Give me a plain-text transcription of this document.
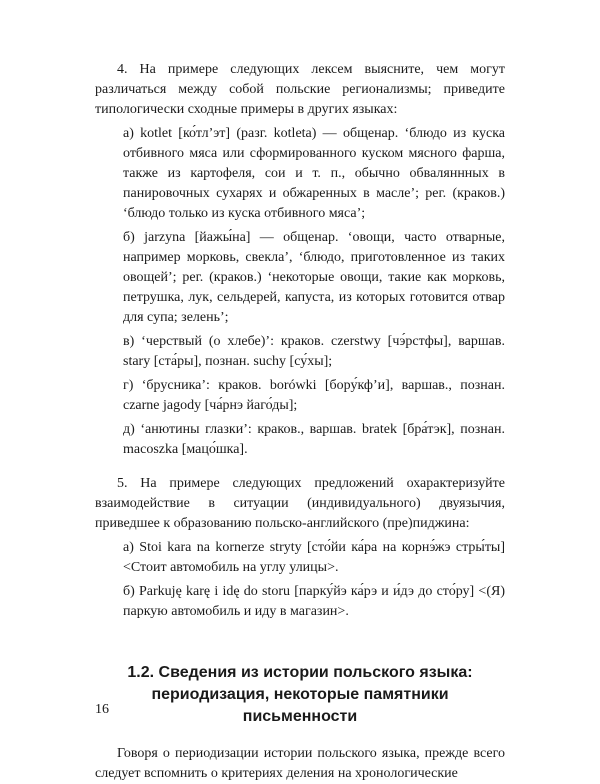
4. На примере следующих лексем выясните, чем могут различаться между собой польские регионализмы; приведите типологически сходные примеры в других языках:

а) kotlet [ко́тл’эт] (разг. kotleta) — общенар. ‘блюдо из куска отбивного мяса или сформированного куском мясного фарша, также из картофеля, сои и т. п., обычно обваляннных в панировочных сухарях и обжаренных в масле’; рег. (краков.) ‘блюдо только из куска отбивного мяса’;

б) jarzyna [йажы́на] — общенар. ‘овощи, часто отварные, например морковь, свекла’, ‘блюдо, приготовленное из таких овощей’; рег. (краков.) ‘некоторые овощи, такие как морковь, петрушка, лук, сельдерей, капуста, из которых готовится отвар для супа; зелень’;

в) ‘черствый (о хлебе)’: краков. czerstwy [чэ́рстфы], варшав. stary [ста́ры], познан. suchy [су́хы];

г) ‘брусника’: краков. borówki [бору́кф’и], варшав., познан. czarne jagody [ча́рнэ йаго́ды];

д) ‘анютины глазки’: краков., варшав. bratek [бра́тэк], познан. macoszka [мацо́шка].

5. На примере следующих предложений охарактеризуйте взаимодействие в ситуации (индивидуального) двуязычия, приведшее к образованию польско-английского (пре)пиджина:

а) Stoi kara na kornerze stryty [сто́йи ка́ра на корнэ́жэ стры́ты] <Стоит автомобиль на углу улицы>.

б) Parkuję karę i idę do storu [парку́йэ ка́рэ и и́дэ до сто́ру] <(Я) паркую автомобиль и иду в магазин>.

1.2. Сведения из истории польского языка:
периодизация, некоторые памятники письменности

Говоря о периодизации истории польского языка, прежде всего следует вспомнить о критериях деления на хронологические

16
